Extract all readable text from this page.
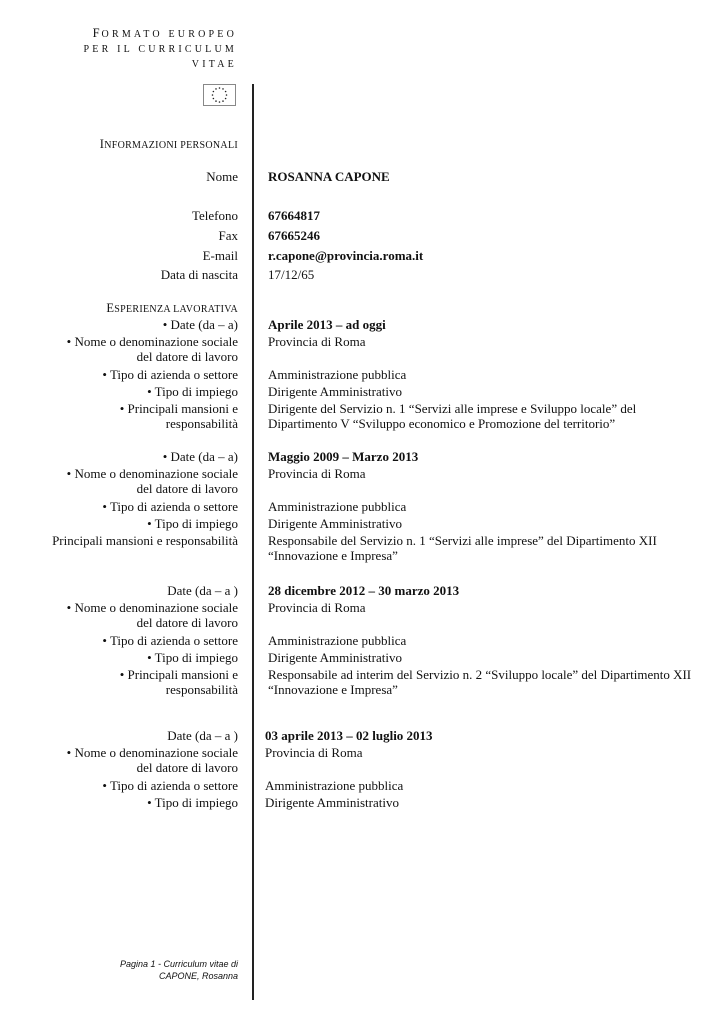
FORMATO EUROPEO
PER IL CURRICULUM
VITAE
INFORMAZIONI PERSONALI
Nome ROSANNA CAPONE
Telefono 67664817
Fax 67665246
E-mail r.capone@provincia.roma.it
Data di nascita 17/12/65
ESPERIENZA LAVORATIVA
• Date (da – a) Aprile 2013 – ad oggi
• Nome o denominazione sociale
del datore di lavoro
Provincia di Roma
• Tipo di azienda o settore Amministrazione pubblica
• Tipo di impiego Dirigente Amministrativo
• Principali mansioni e
responsabilità
Dirigente del Servizio n. 1 “Servizi alle imprese e Sviluppo locale” del
Dipartimento V “Sviluppo economico e Promozione del territorio”
• Date (da – a) Maggio 2009 – Marzo 2013
• Nome o denominazione sociale
del datore di lavoro
Provincia di Roma
• Tipo di azienda o settore Amministrazione pubblica
• Tipo di impiego Dirigente Amministrativo
Principali mansioni e responsabilità Responsabile del Servizio n. 1 “Servizi alle imprese” del Dipartimento XII
“Innovazione e Impresa”
Date (da – a ) 28 dicembre 2012 – 30 marzo 2013
• Nome o denominazione sociale
del datore di lavoro
Provincia di Roma
• Tipo di azienda o settore Amministrazione pubblica
• Tipo di impiego Dirigente Amministrativo
• Principali mansioni e
responsabilità
Responsabile ad interim del Servizio n. 2 “Sviluppo locale” del Dipartimento XII
“Innovazione e Impresa”
Date (da – a ) 03 aprile 2013 – 02 luglio 2013
• Nome o denominazione sociale
del datore di lavoro
Provincia di Roma
• Tipo di azienda o settore Amministrazione pubblica
• Tipo di impiego Dirigente Amministrativo
Pagina 1 - Curriculum vitae di
CAPONE, Rosanna
